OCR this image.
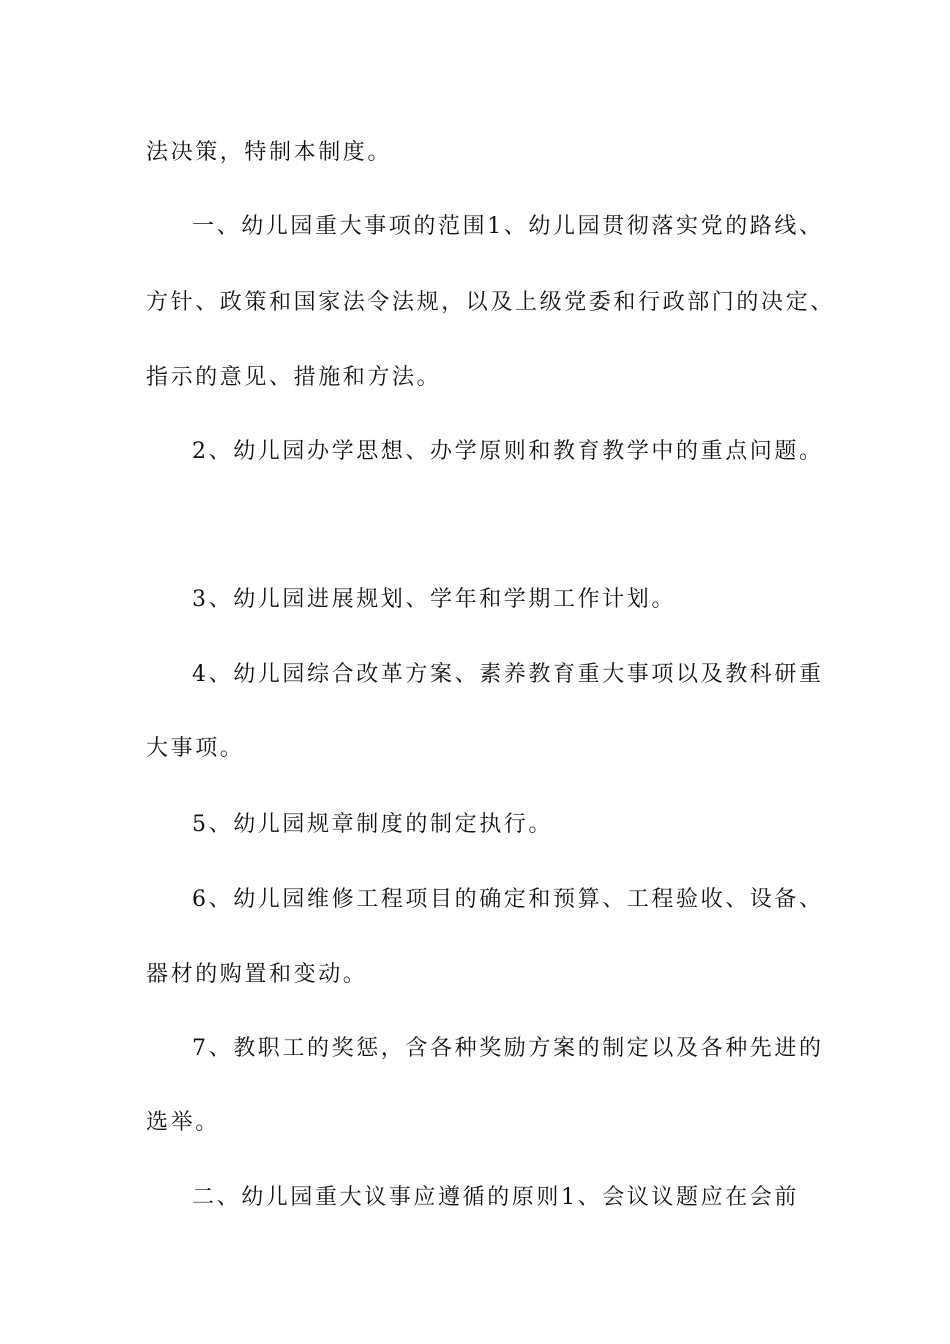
法决策，特制本制度。
一、幼儿园重大事项的范围1、幼儿园贯彻落实党的路线、
方针、政策和国家法令法规，以及上级党委和行政部门的决定、
指示的意见、措施和方法。
2、幼儿园办学思想、办学原则和教育教学中的重点问题。
3、幼儿园进展规划、学年和学期工作计划。
4、幼儿园综合改革方案、素养教育重大事项以及教科研重
大事项。
5、幼儿园规章制度的制定执行。
6、幼儿园维修工程项目的确定和预算、工程验收、设备、
器材的购置和变动。
7、教职工的奖惩，含各种奖励方案的制定以及各种先进的
选举。
二、幼儿园重大议事应遵循的原则1、会议议题应在会前
